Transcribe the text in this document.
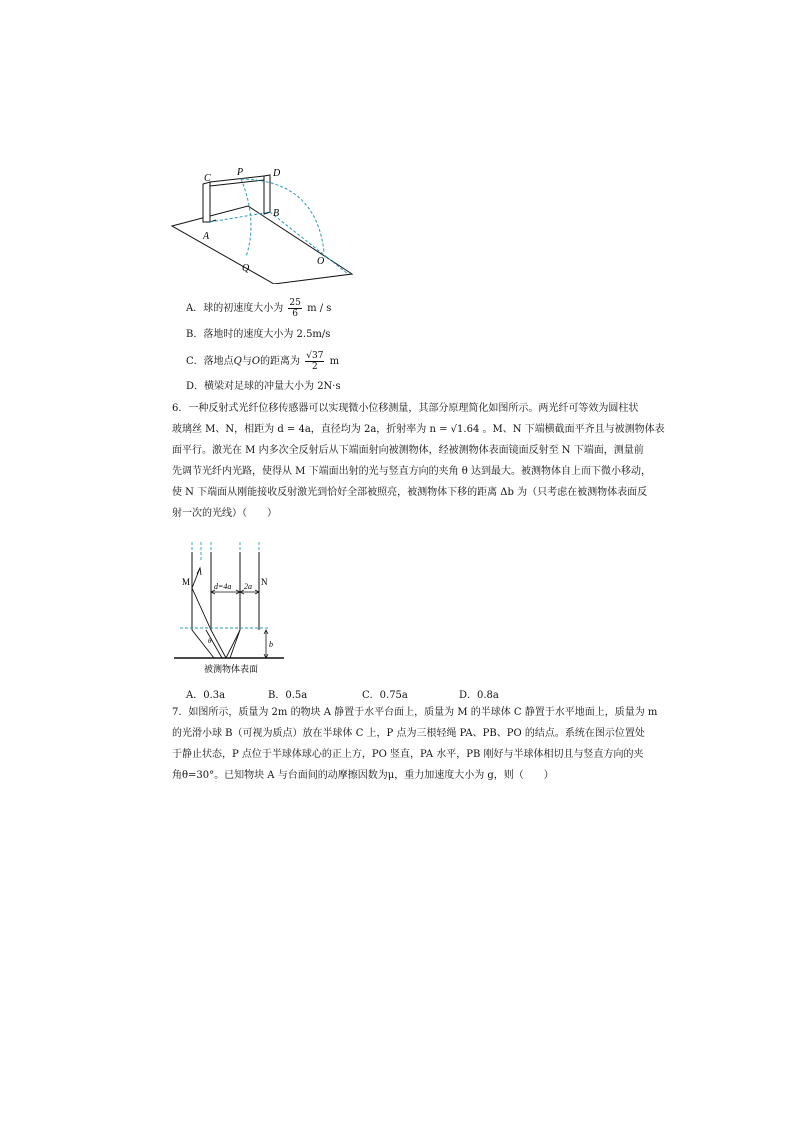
C
P	D
B
A
Q
O
A．球的初速度大小为 $\frac{25}{6}$ m / s
B．落地时的速度大小为 2.5m/s
C．落地点Q与O的距离为 $\frac{√37}{2}$ m
D．横梁对足球的冲量大小为 2N·s
6．一种反射式光纤位移传感器可以实现微小位移测量，其部分原理简化如图所示。两光纤可等效为圆柱状
玻璃丝 M、N，相距为 d = 4a，直径均为 2a，折射率为 n = √1.64 。M、N 下端横截面平齐且与被测物体表
面平行。激光在 M 内多次全反射后从下端面射向被测物体，经被测物体表面镜面反射至 N 下端面，测量前
先调节光纤内光路，使得从 M 下端面出射的光与竖直方向的夹角 θ 达到最大。被测物体自上而下微小移动，
使 N 下端面从刚能接收反射激光到恰好全部被照亮，被测物体下移的距离 Δb 为（只考虑在被测物体表面反
射一次的光线）（　　）
d=4a 2a
b
M	N
θ
被测物体表面
A．0.3a	B．0.5a	C．0.75a	D．0.8a
7．如图所示，质量为 2m 的物块 A 静置于水平台面上，质量为 M 的半球体 C 静置于水平地面上，质量为 m
的光滑小球 B（可视为质点）放在半球体 C 上，P 点为三根轻绳 PA、PB、PO 的结点。系统在图示位置处
于静止状态，P 点位于半球体球心的正上方，PO 竖直，PA 水平，PB 刚好与半球体相切且与竖直方向的夹
角θ=30°。已知物块 A 与台面间的动摩擦因数为μ，重力加速度大小为 g，则（　　）
